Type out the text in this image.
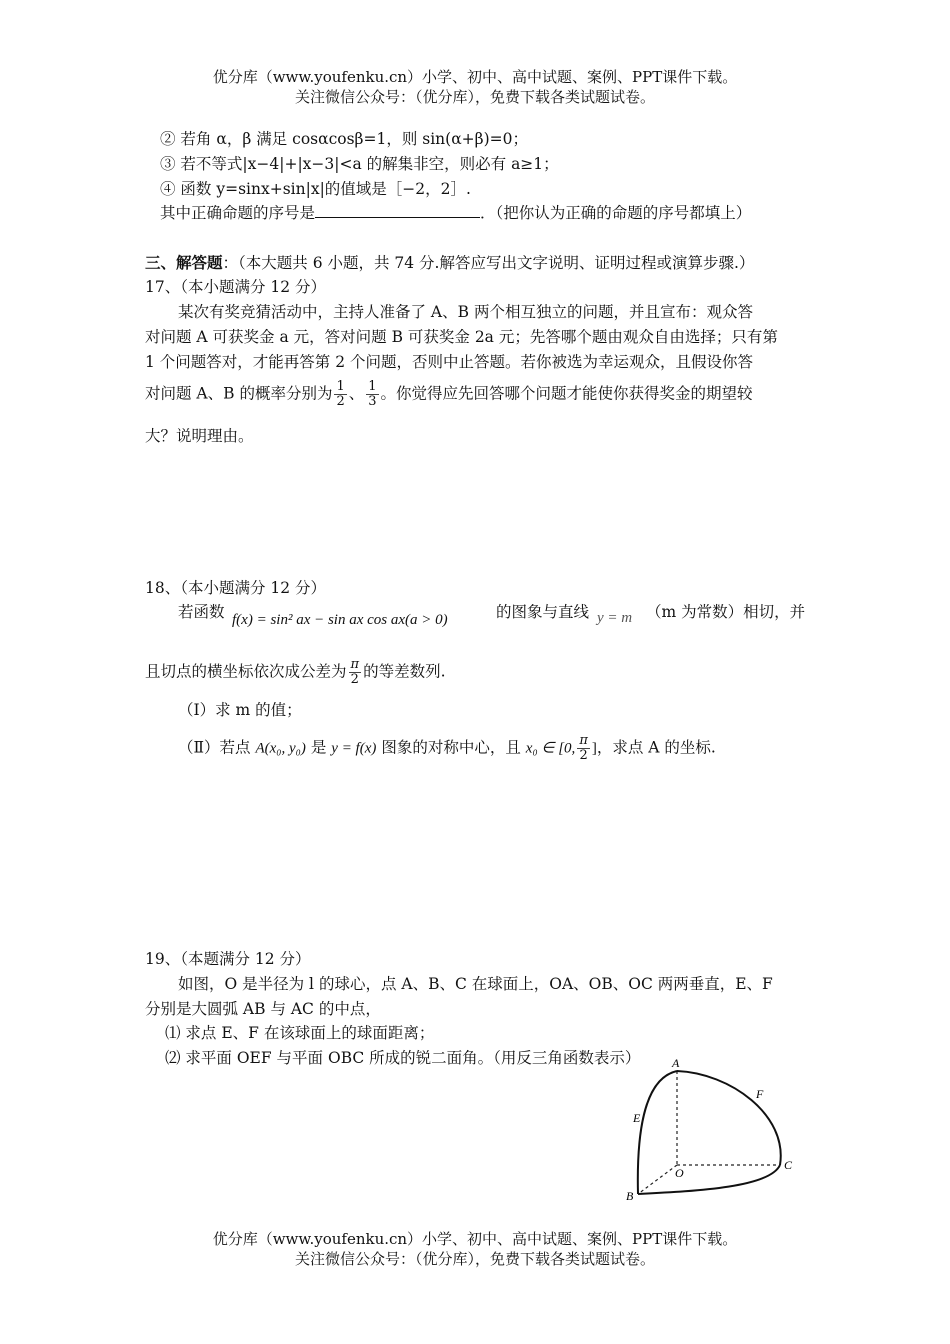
优分库（www.youfenku.cn）小学、初中、高中试题、案例、PPT课件下载。
关注微信公众号：（优分库），免费下载各类试题试卷。
② 若角 α，β 满足 cosαcosβ=1，则 sin(α+β)=0；
③ 若不等式|x−4|+|x−3|<a 的解集非空，则必有 a≥1；
④ 函数 y=sinx+sin|x|的值域是［−2，2］.
其中正确命题的序号是	．（把你认为正确的命题的序号都填上）
三、解答题：（本大题共 6 小题，共 74 分.解答应写出文字说明、证明过程或演算步骤.）
17、（本小题满分 12 分）
某次有奖竞猜活动中，主持人准备了 A、B 两个相互独立的问题，并且宣布：观众答
对问题 A 可获奖金 a 元，答对问题 B 可获奖金 2a 元；先答哪个题由观众自由选择；只有第
1 个问题答对，才能再答第 2 个问题，否则中止答题。若你被选为幸运观众，且假设你答
对问题 A、B 的概率分别为 $\frac{1}{2}$ 、 $\frac{1}{3}$ 。你觉得应先回答哪个问题才能使你获得奖金的期望较
大？说明理由。
18、（本小题满分 12 分）
若函数 f(x) = sin² ax − sin ax cos ax(a > 0)	的图象与直线 y = m （m 为常数）相切，并
且切点的横坐标依次成公差为 $\frac{\pi}{2}$ 的等差数列.
（Ⅰ）求 m 的值；
（Ⅱ）若点 A(x₀, y₀) 是 y = f(x) 图象的对称中心，且 x₀ ∈ [0, $\frac{\pi}{2}$ ]，求点 A 的坐标.
19、（本题满分 12 分）
如图，O 是半径为 l 的球心，点 A、B、C 在球面上，OA、OB、OC 两两垂直，E、F
分别是大圆弧 AB 与 AC 的中点，
⑴ 求点 E、F 在该球面上的球面距离；
⑵ 求平面 OEF 与平面 OBC 所成的锐二面角。（用反三角函数表示）	A
B
C
E
F
O
优分库（www.youfenku.cn）小学、初中、高中试题、案例、PPT课件下载。
关注微信公众号：（优分库），免费下载各类试题试卷。
